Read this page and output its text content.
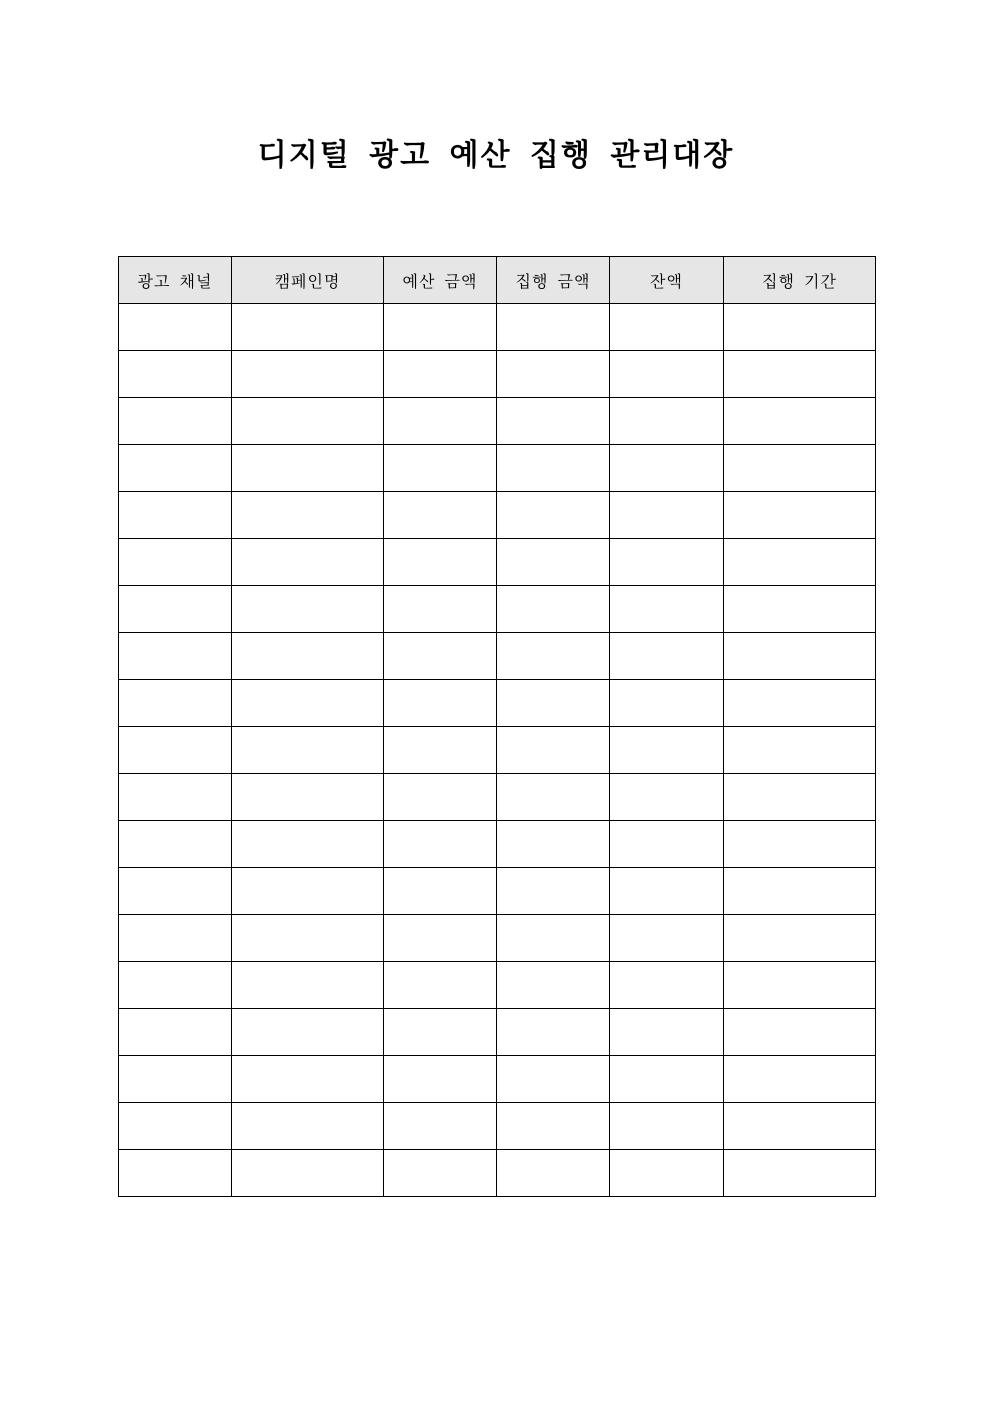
디지털 광고 예산 집행 관리대장
광고 채널	캠페인명	예산 금액	집행 금액	잔액	집행 기간
